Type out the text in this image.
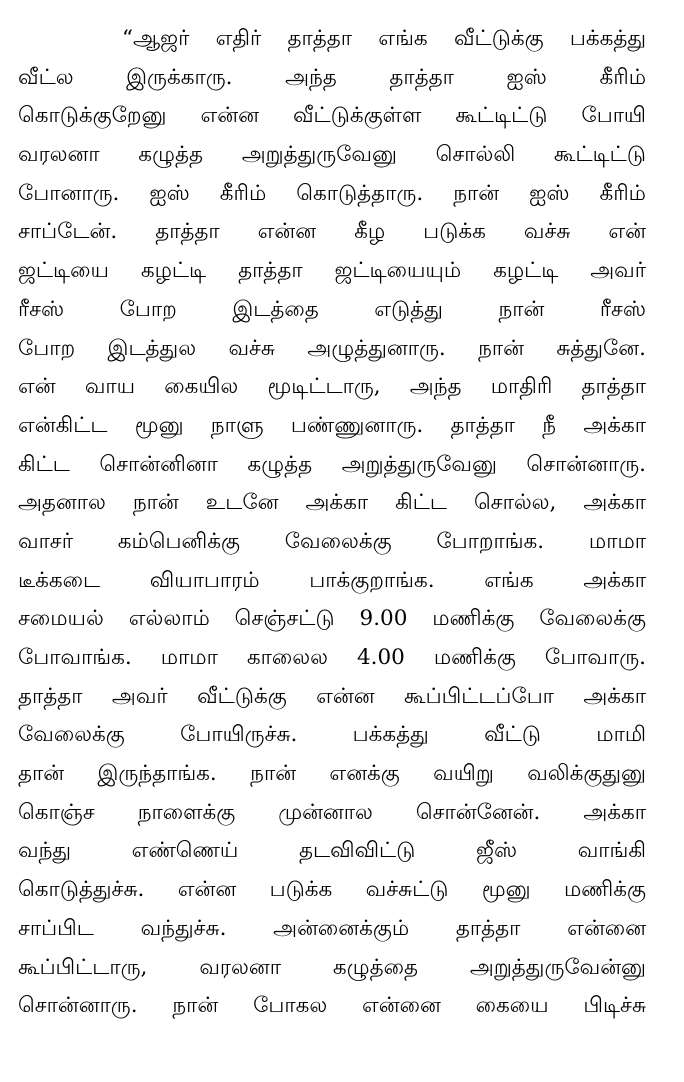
“ஆஜர் எதிர் தாத்தா எங்க வீட்டுக்கு பக்கத்து
வீட்ல இருக்காரு. அந்த தாத்தா ஐஸ் கீரிம்
கொடுக்குறேனு என்ன வீட்டுக்குள்ள கூட்டிட்டு போயி
வரலனா கழுத்த அறுத்துருவேனு சொல்லி கூட்டிட்டு
போனாரு. ஐஸ் கீரிம் கொடுத்தாரு. நான் ஐஸ் கீரிம்
சாப்டேன். தாத்தா என்ன கீழ படுக்க வச்சு என்
ஜட்டியை கழட்டி தாத்தா ஜட்டியையும் கழட்டி அவர்
ரீசஸ் போற இடத்தை எடுத்து நான் ரீசஸ்
போற இடத்துல வச்சு அழுத்துனாரு. நான் சுத்துனே.
என் வாய கையில மூடிட்டாரு, அந்த மாதிரி தாத்தா
என்கிட்ட மூனு நாளு பண்ணுனாரு. தாத்தா நீ அக்கா
கிட்ட சொன்னினா கழுத்த அறுத்துருவேனு சொன்னாரு.
அதனால நான் உடனே அக்கா கிட்ட சொல்ல, அக்கா
வாசர் கம்பெனிக்கு வேலைக்கு போறாங்க. மாமா
டீக்கடை வியாபாரம் பாக்குறாங்க. எங்க அக்கா
சமையல் எல்லாம் செஞ்சட்டு 9.00 மணிக்கு வேலைக்கு
போவாங்க. மாமா காலைல 4.00 மணிக்கு போவாரு.
தாத்தா அவர் வீட்டுக்கு என்ன கூப்பிட்டப்போ அக்கா
வேலைக்கு போயிருச்சு. பக்கத்து வீட்டு மாமி
தான் இருந்தாங்க. நான் எனக்கு வயிறு வலிக்குதுனு
கொஞ்ச நாளைக்கு முன்னால சொன்னேன். அக்கா
வந்து எண்ணெய் தடவிவிட்டு ஜீஸ் வாங்கி
கொடுத்துச்சு. என்ன படுக்க வச்சுட்டு மூனு மணிக்கு
சாப்பிட வந்துச்சு. அன்னைக்கும் தாத்தா என்னை
கூப்பிட்டாரு, வரலனா கழுத்தை அறுத்துருவேன்னு
சொன்னாரு. நான் போகல என்னை கையை பிடிச்சு
